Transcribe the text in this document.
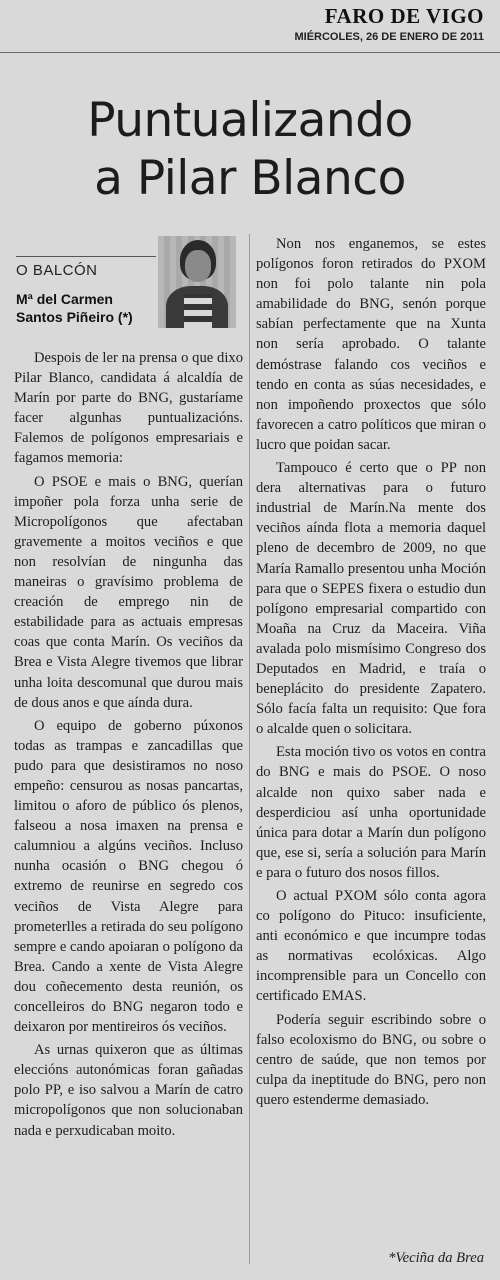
FARO DE VIGO
MIÉRCOLES, 26 DE ENERO DE 2011
Puntualizando
a Pilar Blanco
O BALCÓN
Mª del Carmen
Santos Piñeiro (*)

Despois de ler na prensa o que dixo Pilar Blanco, candidata á alcaldía de Marín por parte do BNG, gustaríame facer algunhas puntualizacións. Falemos de polígonos empresariais e fagamos memoria:

O PSOE e mais o BNG, querían impoñer pola forza unha serie de Micropolígonos que afectaban gravemente a moitos veciños e que non resolvían de ningunha das maneiras o gravísimo problema de creación de emprego nin de estabilidade para as actuais empresas coas que conta Marín. Os veciños da Brea e Vista Alegre tivemos que librar unha loita descomunal que durou mais de dous anos e que aínda dura.

O equipo de goberno púxonos todas as trampas e zancadillas que pudo para que desistiramos no noso empeño: censurou as nosas pancartas, limitou o aforo de público ós plenos, falseou a nosa imaxen na prensa e calumniou a algúns veciños. Incluso nunha ocasión o BNG chegou ó extremo de reunirse en segredo cos veciños de Vista Alegre para prometerlles a retirada do seu polígono sempre e cando apoiaran o polígono da Brea. Cando a xente de Vista Alegre dou coñecemento desta reunión, os concelleiros do BNG negaron todo e deixaron por mentireiros ós veciños.

As urnas quixeron que as últimas eleccións autonómicas foran gañadas polo PP, e iso salvou a Marín de catro micropolígonos que non solucionaban nada e perxudicaban moito.

Non nos enganemos, se estes polígonos foron retirados do PXOM non foi polo talante nin pola amabilidade do BNG, senón porque sabían perfectamente que na Xunta non sería aprobado. O talante demóstrase falando cos veciños e tendo en conta as súas necesidades, e non impoñendo proxectos que sólo favorecen a catro políticos que miran o lucro que poidan sacar.

Tampouco é certo que o PP non dera alternativas para o futuro industrial de Marín.Na mente dos veciños aínda flota a memoria daquel pleno de decembro de 2009, no que María Ramallo presentou unha Moción para que o SEPES fixera o estudio dun polígono empresarial compartido con Moaña na Cruz da Maceira. Viña avalada polo mismísimo Congreso dos Deputados en Madrid, e traía o beneplácito do presidente Zapatero. Sólo facía falta un requisito: Que fora o alcalde quen o solicitara.

Esta moción tivo os votos en contra do BNG e mais do PSOE. O noso alcalde non quixo saber nada e desperdiciou así unha oportunidade única para dotar a Marín dun polígono que, ese si, sería a solución para Marín e para o futuro dos nosos fillos.

O actual PXOM sólo conta agora co polígono do Pituco: insuficiente, anti económico e que incumpre todas as normativas ecolóxicas. Algo incomprensible para un Concello con certificado EMAS.

Podería seguir escribindo sobre o falso ecoloxismo do BNG, ou sobre o centro de saúde, que non temos por culpa da ineptitude do BNG, pero non quero estenderme demasiado.

*Veciña da Brea
